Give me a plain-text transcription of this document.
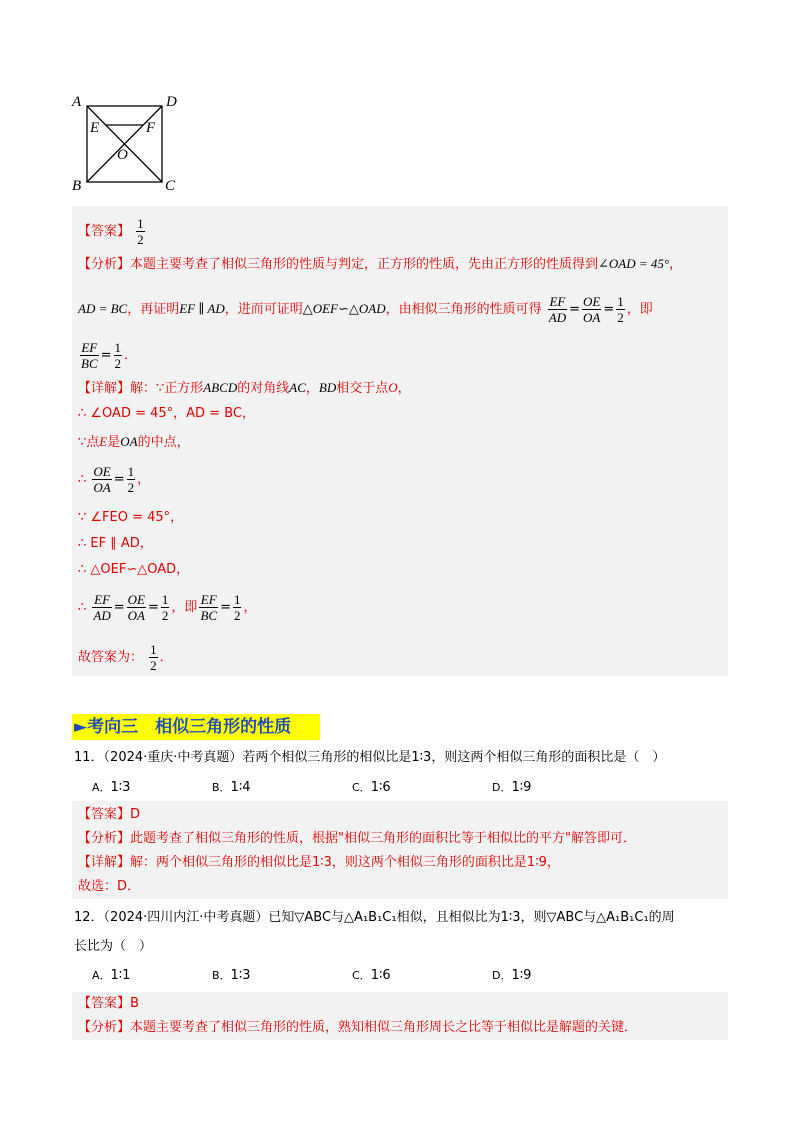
A	D
E	F
O
B	C
【答案】 $\frac{1}{2}$
【分析】本题主要考查了相似三角形的性质与判定，正方形的性质，先由正方形的性质得到∠OAD = 45°，
AD = BC，再证明EF ∥ AD，进而可证明△OEF∽△OAD，由相似三角形的性质可得 $\frac{EF}{AD} = \frac{OE}{OA} = \frac{1}{2}$ ，即
$\frac{EF}{BC} = \frac{1}{2}$ ．
【详解】解：∵正方形ABCD的对角线AC，BD相交于点O，
∴ ∠OAD = 45°，AD = BC，
∵点E是OA的中点，
∴ $\frac{OE}{OA} = \frac{1}{2}$ ，
∵ ∠FEO = 45°，
∴ EF ∥ AD，
∴ △OEF∽△OAD，
∴ $\frac{EF}{AD} = \frac{OE}{OA} = \frac{1}{2}$ ，即 $\frac{EF}{BC} = \frac{1}{2}$ ，
故答案为： $\frac{1}{2}$ ．
►考向三　相似三角形的性质
11．（2024·重庆·中考真题）若两个相似三角形的相似比是1∶3，则这两个相似三角形的面积比是（　）
A．1∶3	B．1∶4	C．1∶6	D．1∶9
【答案】D
【分析】此题考查了相似三角形的性质，根据"相似三角形的面积比等于相似比的平方"解答即可．
【详解】解：两个相似三角形的相似比是1∶3，则这两个相似三角形的面积比是1∶9，
故选：D．
12．（2024·四川内江·中考真题）已知▽ABC与△A₁B₁C₁相似，且相似比为1∶3，则▽ABC与△A₁B₁C₁的周
长比为（　）
A．1∶1	B．1∶3	C．1∶6	D．1∶9
【答案】B
【分析】本题主要考查了相似三角形的性质，熟知相似三角形周长之比等于相似比是解题的关键．
